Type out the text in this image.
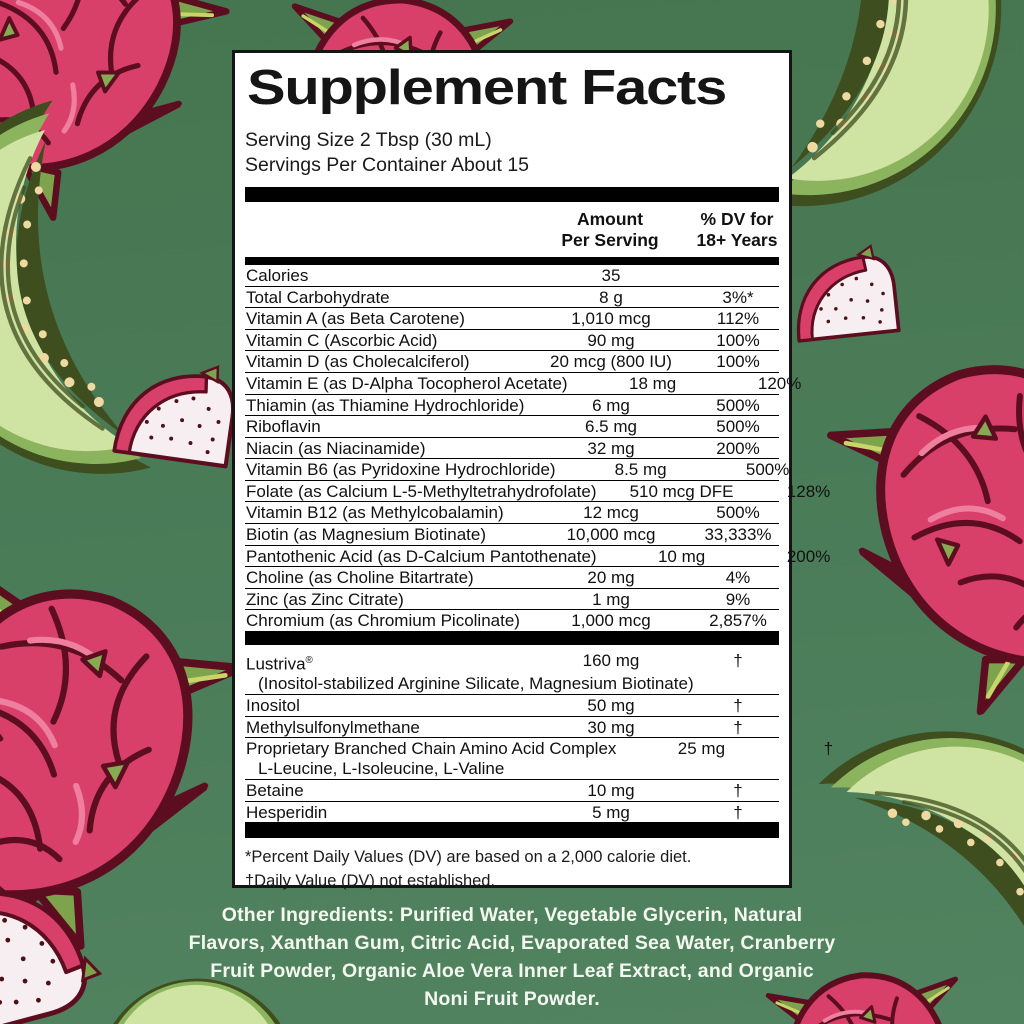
Supplement Facts
Serving Size 2 Tbsp (30 mL)
Servings Per Container About 15
Amount
Per Serving
% DV for
18+ Years
Calories	35
Total Carbohydrate	8 g	3%*
Vitamin A (as Beta Carotene)	1,010 mcg	112%
Vitamin C (Ascorbic Acid)	90 mg	100%
Vitamin D (as Cholecalciferol)	20 mcg (800 IU)	100%
Vitamin E (as D-Alpha Tocopherol Acetate)	18 mg	120%
Thiamin (as Thiamine Hydrochloride)	6 mg	500%
Riboflavin	6.5 mg	500%
Niacin (as Niacinamide)	32 mg	200%
Vitamin B6 (as Pyridoxine Hydrochloride)	8.5 mg	500%
Folate (as Calcium L-5-Methyltetrahydrofolate)	510 mcg DFE	128%
Vitamin B12 (as Methylcobalamin)	12 mcg	500%
Biotin (as Magnesium Biotinate)	10,000 mcg	33,333%
Pantothenic Acid (as D-Calcium Pantothenate)	10 mg	200%
Choline (as Choline Bitartrate)	20 mg	4%
Zinc (as Zinc Citrate)	1 mg	9%
Chromium (as Chromium Picolinate)	1,000 mcg	2,857%
Lustriva®	160 mg	†
(Inositol-stabilized Arginine Silicate, Magnesium Biotinate)
Inositol	50 mg	†
Methylsulfonylmethane	30 mg	†
Proprietary Branched Chain Amino Acid Complex	25 mg	†
L-Leucine, L-Isoleucine, L-Valine
Betaine	10 mg	†
Hesperidin	5 mg	†
*Percent Daily Values (DV) are based on a 2,000 calorie diet.
†Daily Value (DV) not established.
Other Ingredients: Purified Water, Vegetable Glycerin, Natural
Flavors, Xanthan Gum, Citric Acid, Evaporated Sea Water, Cranberry
Fruit Powder, Organic Aloe Vera Inner Leaf Extract, and Organic
Noni Fruit Powder.
